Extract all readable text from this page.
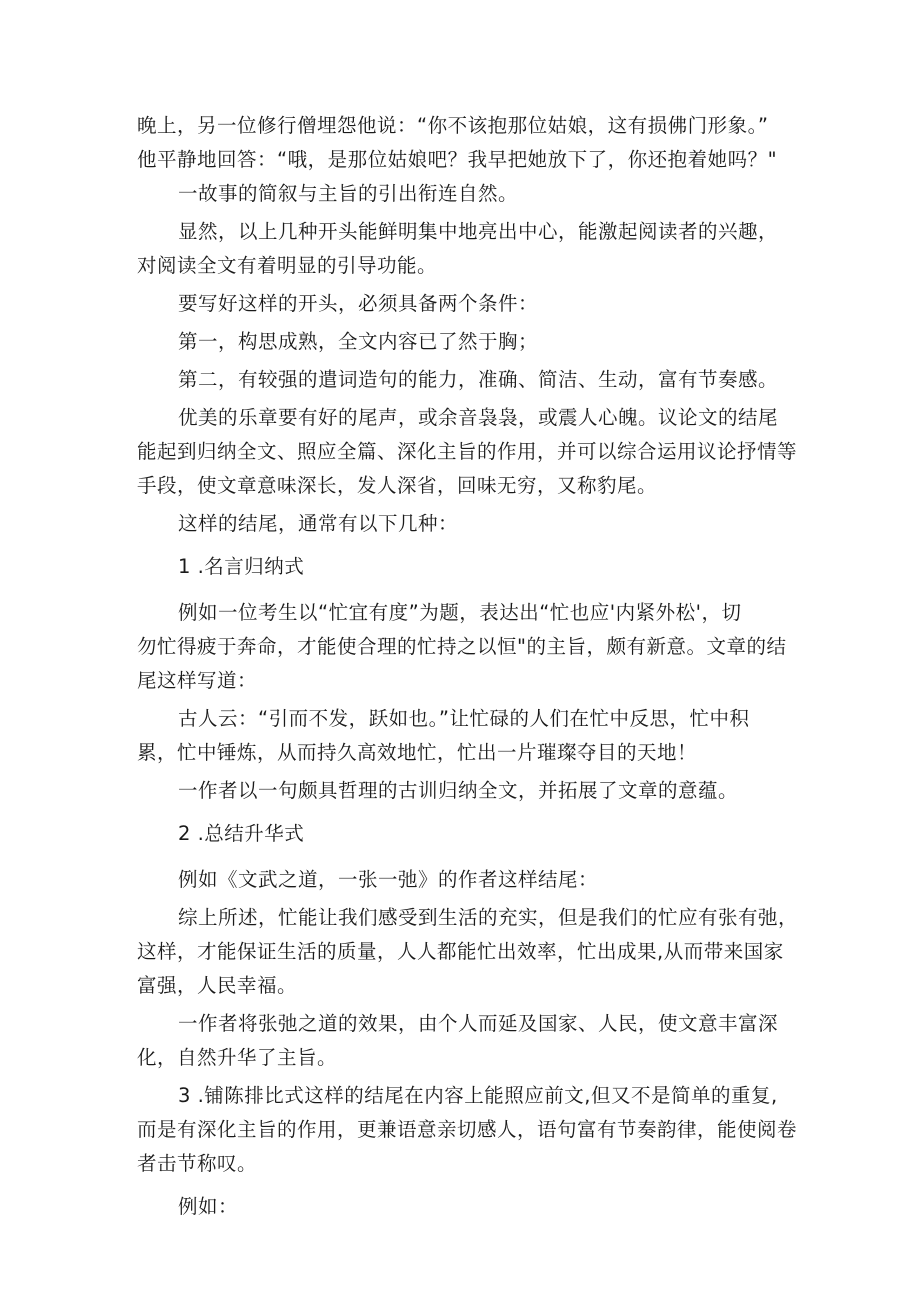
晚上，另一位修行僧埋怨他说：“你不该抱那位姑娘，这有损佛门形象。”
他平静地回答：“哦，是那位姑娘吧？我早把她放下了，你还抱着她吗？"

一故事的简叙与主旨的引出衔连自然。

显然，以上几种开头能鲜明集中地亮出中心，能激起阅读者的兴趣，
对阅读全文有着明显的引导功能。

要写好这样的开头，必须具备两个条件：

第一，构思成熟，全文内容已了然于胸；

第二，有较强的遣词造句的能力，准确、简洁、生动，富有节奏感。

优美的乐章要有好的尾声，或余音袅袅，或震人心魄。议论文的结尾
能起到归纳全文、照应全篇、深化主旨的作用，并可以综合运用议论抒情等
手段，使文章意味深长，发人深省，回味无穷，又称豹尾。

这样的结尾，通常有以下几种：

1 .名言归纳式

例如一位考生以“忙宜有度”为题，表达出“忙也应'内紧外松'，切
勿忙得疲于奔命，才能使合理的忙持之以恒"的主旨，颇有新意。文章的结
尾这样写道：

古人云：“引而不发，跃如也。”让忙碌的人们在忙中反思，忙中积
累，忙中锤炼，从而持久高效地忙，忙出一片璀璨夺目的天地！

一作者以一句颇具哲理的古训归纳全文，并拓展了文章的意蕴。

2 .总结升华式

例如《文武之道，一张一弛》的作者这样结尾：

综上所述，忙能让我们感受到生活的充实，但是我们的忙应有张有弛，
这样，才能保证生活的质量，人人都能忙出效率，忙出成果,从而带来国家
富强，人民幸福。

一作者将张弛之道的效果，由个人而延及国家、人民，使文意丰富深
化，自然升华了主旨。

3 .铺陈排比式这样的结尾在内容上能照应前文,但又不是简单的重复,
而是有深化主旨的作用，更兼语意亲切感人，语句富有节奏韵律，能使阅卷
者击节称叹。

例如：
